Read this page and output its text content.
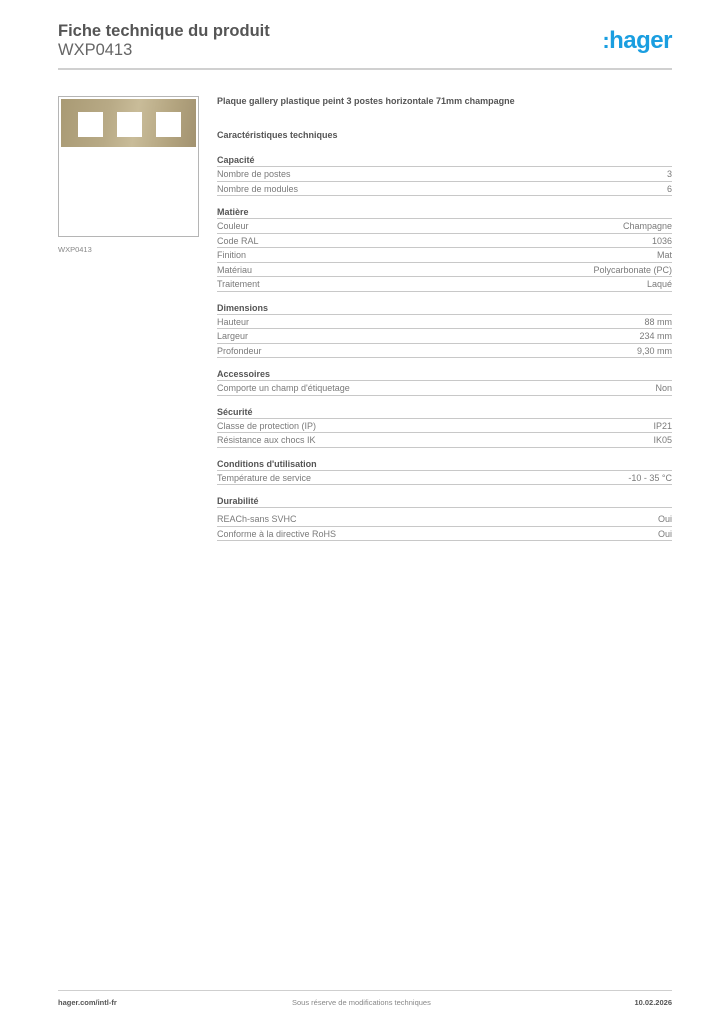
Fiche technique du produit
WXP0413	:hager
WXP0413
Plaque gallery plastique peint 3 postes horizontale 71mm champagne
Caractéristiques techniques
Capacité
Nombre de postes	3
Nombre de modules	6
Matière
Couleur	Champagne
Code RAL	1036
Finition	Mat
Matériau	Polycarbonate (PC)
Traitement	Laqué
Dimensions
Hauteur	88 mm
Largeur	234 mm
Profondeur	9,30 mm
Accessoires
Comporte un champ d'étiquetage	Non
Sécurité
Classe de protection (IP)	IP21
Résistance aux chocs IK	IK05
Conditions d'utilisation
Température de service	-10 - 35 °C
Durabilité
REACh-sans SVHC	Oui
Conforme à la directive RoHS	Oui
hager.com/intl-fr	Sous réserve de modifications techniques	10.02.2026
